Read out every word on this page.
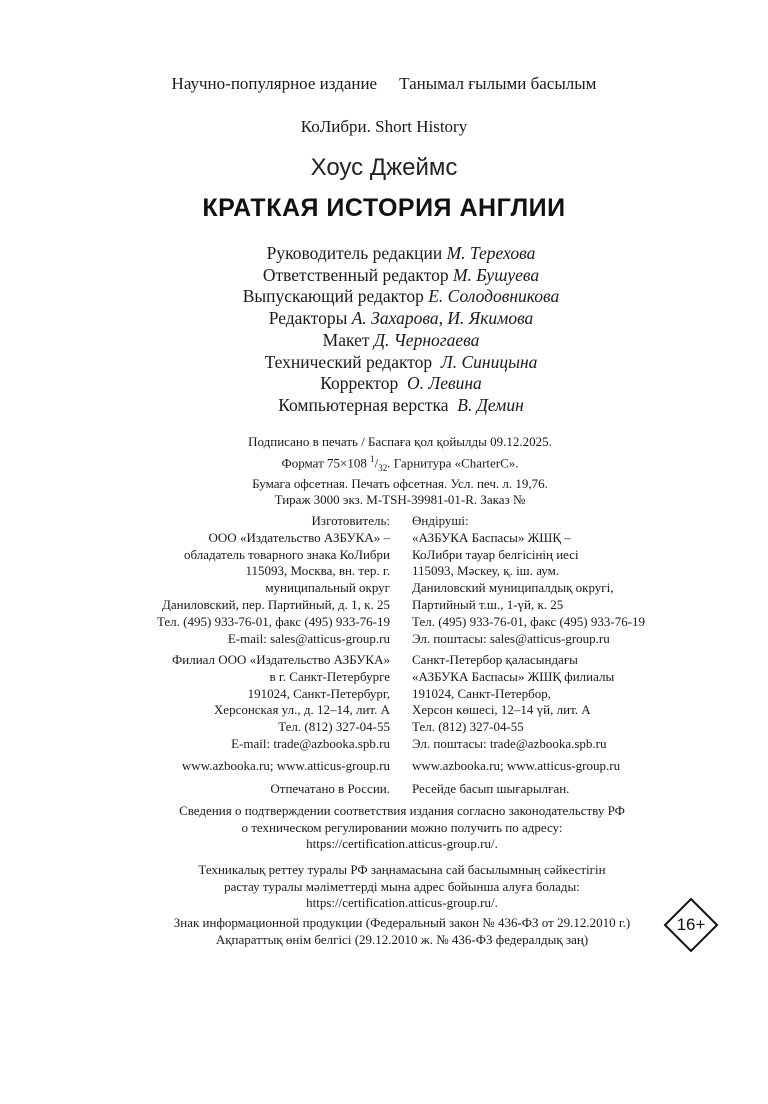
Научно-популярное издание Танымал ғылыми басылым
КоЛибри. Short History
Хоус Джеймс
КРАТКАЯ ИСТОРИЯ АНГЛИИ
Руководитель редакции М. Терехова
Ответственный редактор М. Бушуева
Выпускающий редактор Е. Солодовникова
Редакторы А. Захарова, И. Якимова
Макет Д. Черногаева
Технический редактор Л. Синицына
Корректор О. Левина
Компьютерная верстка В. Демин
Подписано в печать / Баспаға қол қойылды 09.12.2025.
Формат 75×108 $^1/_{32}$. Гарнитура «CharterC».
Бумага офсетная. Печать офсетная. Усл. печ. л. 19,76.
Тираж 3000 экз. M-TSH-39981-01-R. Заказ №
Изготовитель:
ООО «Издательство АЗБУКА» –
обладатель товарного знака КоЛибри
115093, Москва, вн. тер. г.
муниципальный округ
Даниловский, пер. Партийный, д. 1, к. 25
Тел. (495) 933-76-01, факс (495) 933-76-19
E-mail: sales@atticus-group.ru
Өндіруші:
«АЗБУКА Баспасы» ЖШҚ –
КоЛибри тауар белгісінің иесі
115093, Мәскеу, қ. іш. аум.
Даниловский муниципалдық округі,
Партийный т.ш., 1-үй, к. 25
Тел. (495) 933-76-01, факс (495) 933-76-19
Эл. поштасы: sales@atticus-group.ru
Филиал ООО «Издательство АЗБУКА»
в г. Санкт-Петербурге
191024, Санкт-Петербург,
Херсонская ул., д. 12–14, лит. А
Тел. (812) 327-04-55
E-mail: trade@azbooka.spb.ru
Санкт-Петербор қаласындағы
«АЗБУКА Баспасы» ЖШҚ филиалы
191024, Санкт-Петербор,
Херсон көшесі, 12–14 үй, лит. А
Тел. (812) 327-04-55
Эл. поштасы: trade@azbooka.spb.ru
www.azbooka.ru; www.atticus-group.ru www.azbooka.ru; www.atticus-group.ru
Отпечатано в России. Ресейде басып шығарылған.
Сведения о подтверждении соответствия издания согласно законодательству РФ
о техническом регулировании можно получить по адресу:
https://certification.atticus-group.ru/.
Техникалық реттеу туралы РФ заңнамасына сай басылымның сәйкестігін
растау туралы мәліметтерді мына адрес бойынша алуға болады:
https://certification.atticus-group.ru/.
Знак информационной продукции (Федеральный закон № 436-ФЗ от 29.12.2010 г.)
Ақпараттық өнім белгісі (29.12.2010 ж. № 436-ФЗ федералдық заң)
16+
